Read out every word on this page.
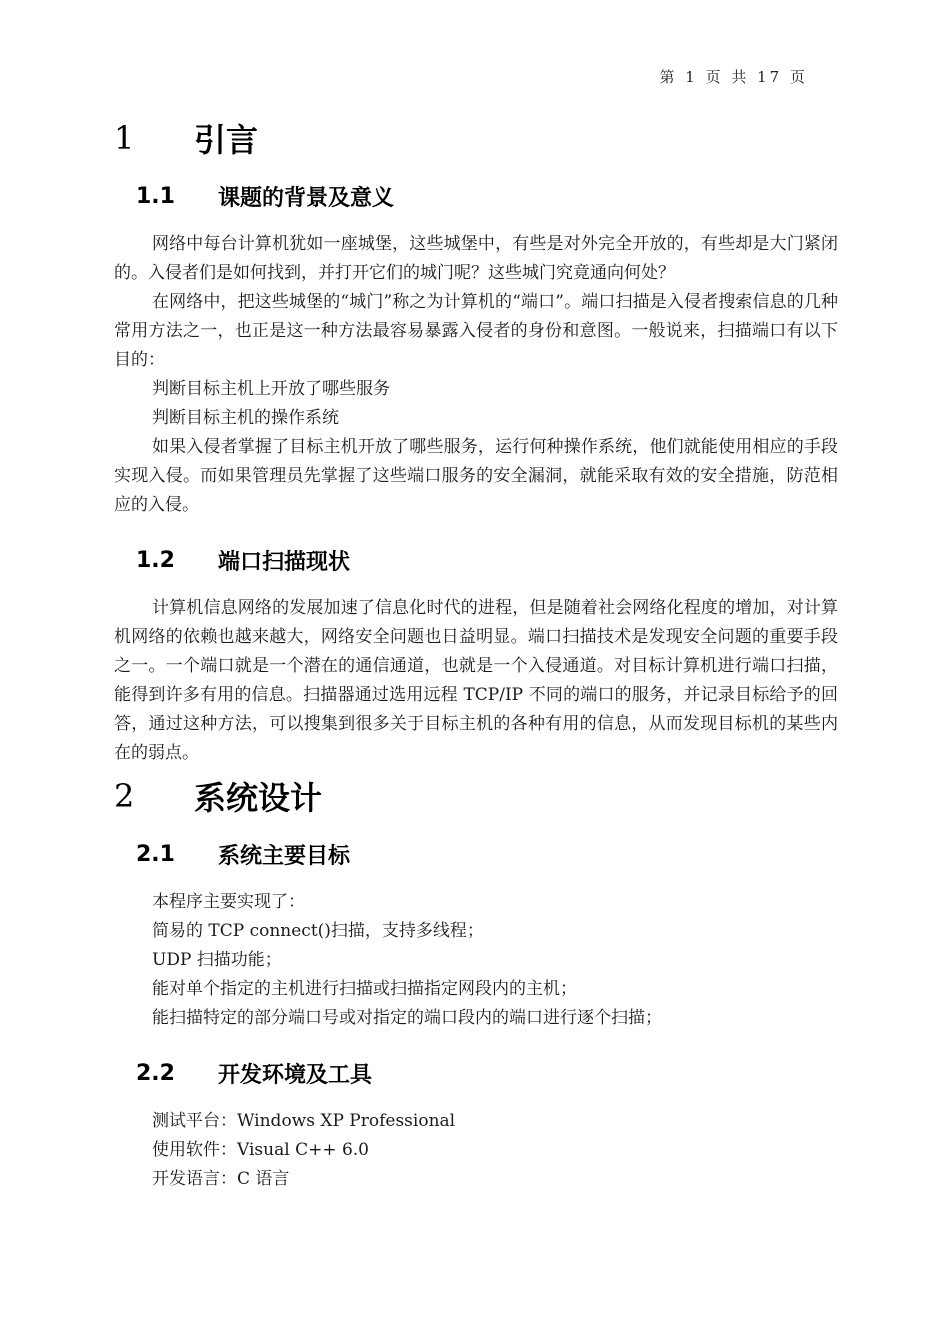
第 1 页 共 17 页
1	引言
1.1	课题的背景及意义

网络中每台计算机犹如一座城堡，这些城堡中，有些是对外完全开放的，有些却是大门紧闭的。入侵者们是如何找到，并打开它们的城门呢？这些城门究竟通向何处？

在网络中，把这些城堡的“城门”称之为计算机的“端口”。端口扫描是入侵者搜索信息的几种常用方法之一，也正是这一种方法最容易暴露入侵者的身份和意图。一般说来，扫描端口有以下目的：

判断目标主机上开放了哪些服务

判断目标主机的操作系统

如果入侵者掌握了目标主机开放了哪些服务，运行何种操作系统，他们就能使用相应的手段实现入侵。而如果管理员先掌握了这些端口服务的安全漏洞，就能采取有效的安全措施，防范相应的入侵。

1.2	端口扫描现状

计算机信息网络的发展加速了信息化时代的进程，但是随着社会网络化程度的增加，对计算机网络的依赖也越来越大，网络安全问题也日益明显。端口扫描技术是发现安全问题的重要手段之一。一个端口就是一个潜在的通信通道，也就是一个入侵通道。对目标计算机进行端口扫描，能得到许多有用的信息。扫描器通过选用远程 TCP/IP 不同的端口的服务，并记录目标给予的回答，通过这种方法，可以搜集到很多关于目标主机的各种有用的信息，从而发现目标机的某些内在的弱点。

2	系统设计
2.1	系统主要目标

本程序主要实现了：

简易的 TCP connect()扫描，支持多线程；

UDP 扫描功能；

能对单个指定的主机进行扫描或扫描指定网段内的主机；

能扫描特定的部分端口号或对指定的端口段内的端口进行逐个扫描；

2.2	开发环境及工具

测试平台：Windows XP Professional

使用软件：Visual C++ 6.0

开发语言：C 语言
